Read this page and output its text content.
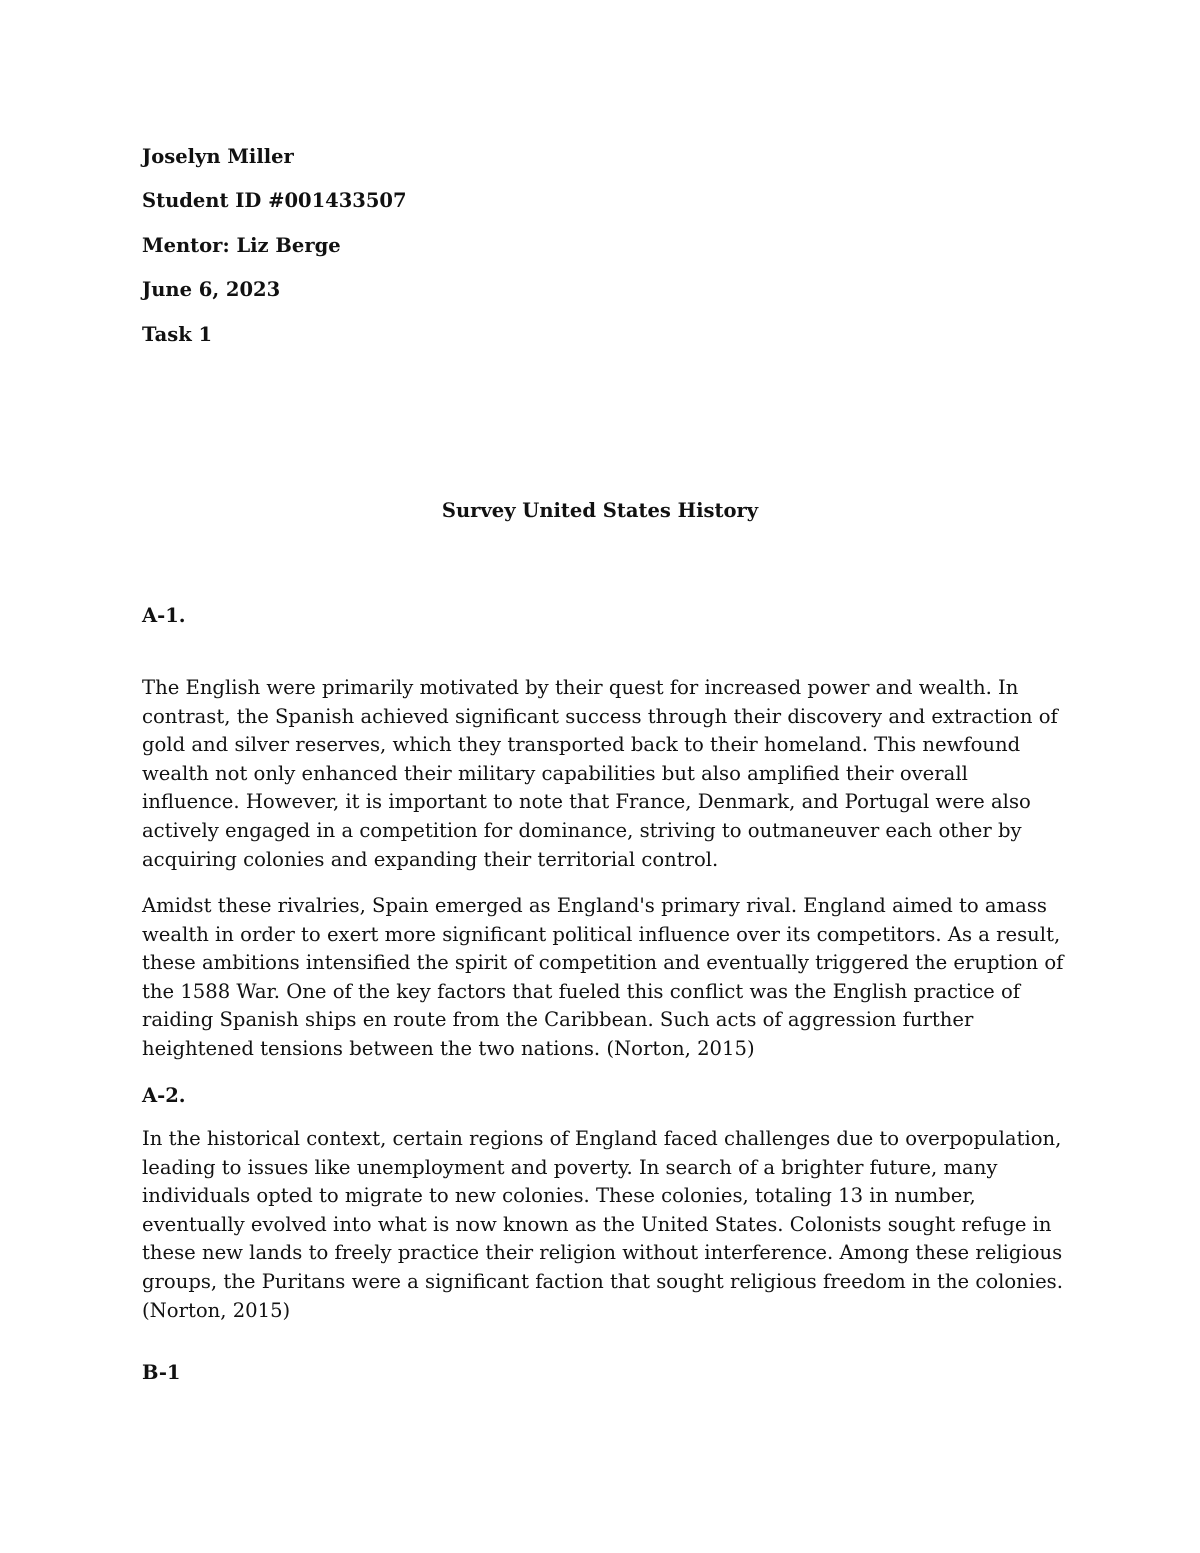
Joselyn Miller

Student ID #001433507

Mentor: Liz Berge

June 6, 2023

Task 1

Survey United States History
A-1.

The English were primarily motivated by their quest for increased power and wealth. In contrast, the Spanish achieved significant success through their discovery and extraction of gold and silver reserves, which they transported back to their homeland. This newfound wealth not only enhanced their military capabilities but also amplified their overall influence. However, it is important to note that France, Denmark, and Portugal were also actively engaged in a competition for dominance, striving to outmaneuver each other by acquiring colonies and expanding their territorial control.

Amidst these rivalries, Spain emerged as England's primary rival. England aimed to amass wealth in order to exert more significant political influence over its competitors. As a result, these ambitions intensified the spirit of competition and eventually triggered the eruption of the 1588 War. One of the key factors that fueled this conflict was the English practice of raiding Spanish ships en route from the Caribbean. Such acts of aggression further heightened tensions between the two nations. (Norton, 2015)

A-2.

In the historical context, certain regions of England faced challenges due to overpopulation, leading to issues like unemployment and poverty. In search of a brighter future, many individuals opted to migrate to new colonies. These colonies, totaling 13 in number, eventually evolved into what is now known as the United States. Colonists sought refuge in these new lands to freely practice their religion without interference. Among these religious groups, the Puritans were a significant faction that sought religious freedom in the colonies. (Norton, 2015)

B-1
